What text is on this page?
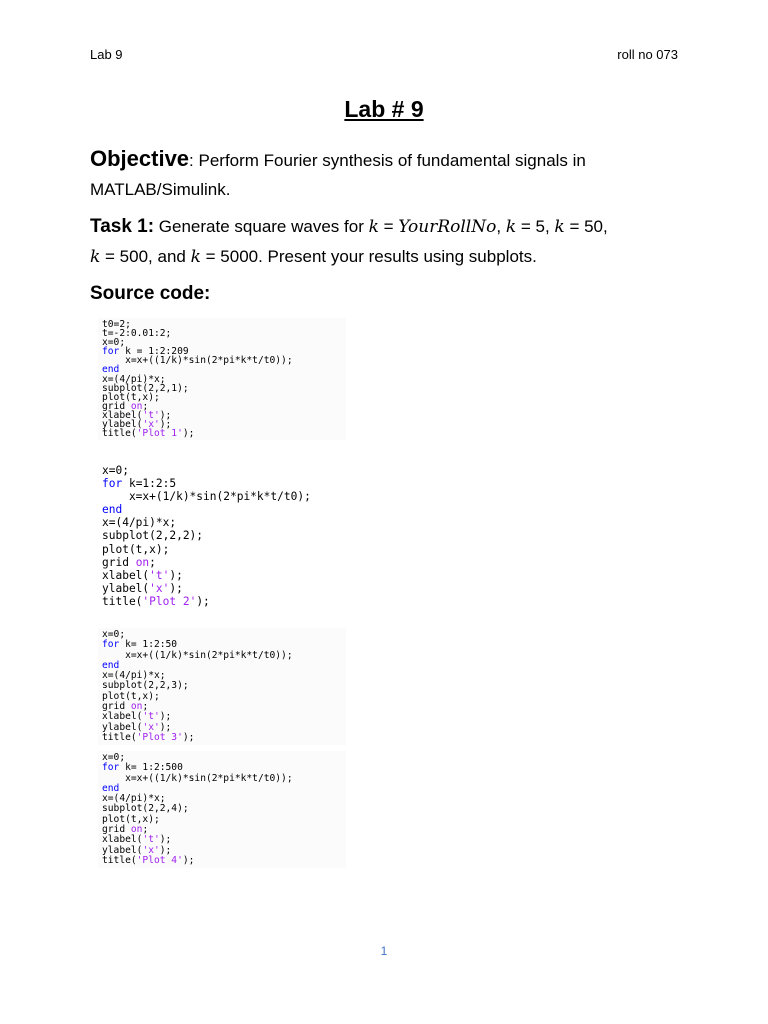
Lab 9	roll no 073
Lab # 9
Objective: Perform Fourier synthesis of fundamental signals in MATLAB/Simulink.
Task 1: Generate square waves for k = YourRollNo, k = 5, k = 50,
k = 500, and k = 5000. Present your results using subplots.
Source code:
t0=2;
t=-2:0.01:2;
x=0;
for k = 1:2:209
x=x+((1/k)*sin(2*pi*k*t/t0));
end
x=(4/pi)*x;
subplot(2,2,1);
plot(t,x);
grid on;
xlabel('t');
ylabel('x');
title('Plot 1');
x=0;
for k=1:2:5
x=x+(1/k)*sin(2*pi*k*t/t0);
end
x=(4/pi)*x;
subplot(2,2,2);
plot(t,x);
grid on;
xlabel('t');
ylabel('x');
title('Plot 2');
x=0;
for k= 1:2:50
x=x+((1/k)*sin(2*pi*k*t/t0));
end
x=(4/pi)*x;
subplot(2,2,3);
plot(t,x);
grid on;
xlabel('t');
ylabel('x');
title('Plot 3');
x=0;
for k= 1:2:500
x=x+((1/k)*sin(2*pi*k*t/t0));
end
x=(4/pi)*x;
subplot(2,2,4);
plot(t,x);
grid on;
xlabel('t');
ylabel('x');
title('Plot 4');
1
